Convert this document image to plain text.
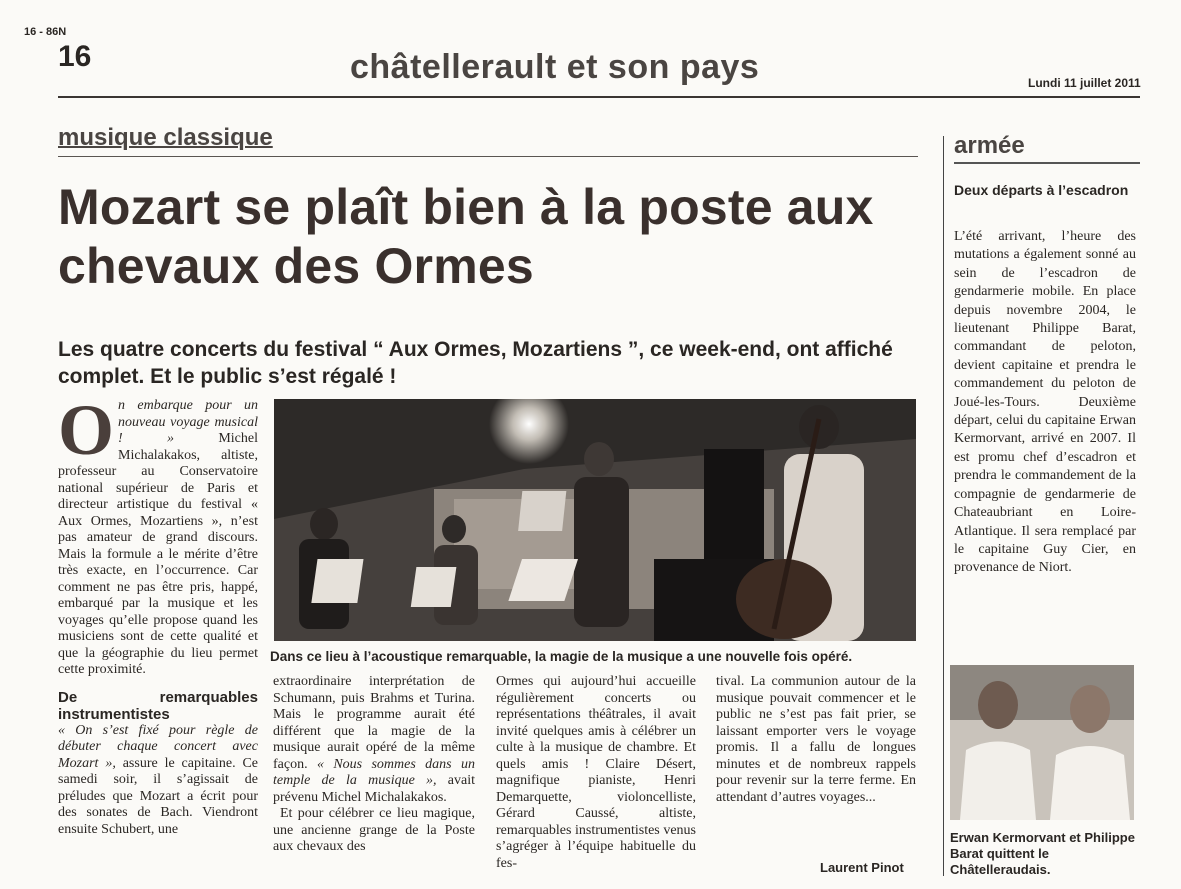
16 - 86N
16	châtellerault et son pays	Lundi 11 juillet 2011
musique classique
Mozart se plaît bien à la poste aux chevaux des Ormes
Les quatre concerts du festival “ Aux Ormes, Mozartiens ”, ce week-end, ont affiché complet. Et le public s’est régalé !
Dans ce lieu à l’acoustique remarquable, la magie de la musique a une nouvelle fois opéré.

O n embarque pour un nouveau voyage musical ! »	Michel Michalakakos, altiste, professeur au Conservatoire national supérieur de Paris et directeur artistique du festival « Aux Ormes, Mozartiens », n’est pas amateur de grand discours. Mais la formule a le mérite d’être très exacte, en l’occurrence. Car comment ne pas être pris, happé, embarqué par la musique et les voyages qu’elle propose quand les musiciens sont de cette qualité et que la géographie du lieu permet cette proximité.

De remarquables instrumentistes

« On s’est fixé pour règle de débuter chaque concert avec Mozart », assure le capitaine. Ce samedi soir, il s’agissait de préludes que Mozart a écrit pour des sonates de Bach. Viendront ensuite Schubert, une

extraordinaire interprétation de Schumann, puis Brahms et Turina. Mais le programme aurait été différent que la magie de la musique aurait opéré de la même façon. « Nous sommes dans un temple de la musique », avait prévenu Michel Michalakakos.

Et pour célébrer ce lieu magique, une ancienne grange de la Poste aux chevaux des

Ormes qui aujourd’hui accueille régulièrement concerts ou représentations théâtrales, il avait invité quelques amis à célébrer un culte à la musique de chambre. Et quels amis ! Claire Désert, magnifique pianiste, Henri Demarquette, violoncelliste, Gérard Caussé, altiste, remarquables instrumentistes venus s’agréger à l’équipe habituelle du fes-

tival. La communion autour de la musique pouvait commencer et le public ne s’est pas fait prier, se laissant emporter vers le voyage promis. Il a fallu de longues minutes et de nombreux rappels pour revenir sur la terre ferme. En attendant d’autres voyages...

Laurent Pinot
armée
Deux départs à l’escadron
L’été arrivant, l’heure des mutations a également sonné au sein de l’escadron de gendarmerie mobile. En place depuis novembre 2004, le lieutenant Philippe Barat, commandant de peloton, devient capitaine et prendra le commandement du peloton de Joué-les-Tours. Deuxième départ, celui du capitaine Erwan Kermorvant, arrivé en 2007. Il est promu chef d’escadron et prendra le commandement de la compagnie de gendarmerie de Chateaubriant en Loire-Atlantique. Il sera remplacé par le capitaine Guy Cier, en provenance de Niort.
Erwan Kermorvant et Philippe Barat quittent le Châtelleraudais.
